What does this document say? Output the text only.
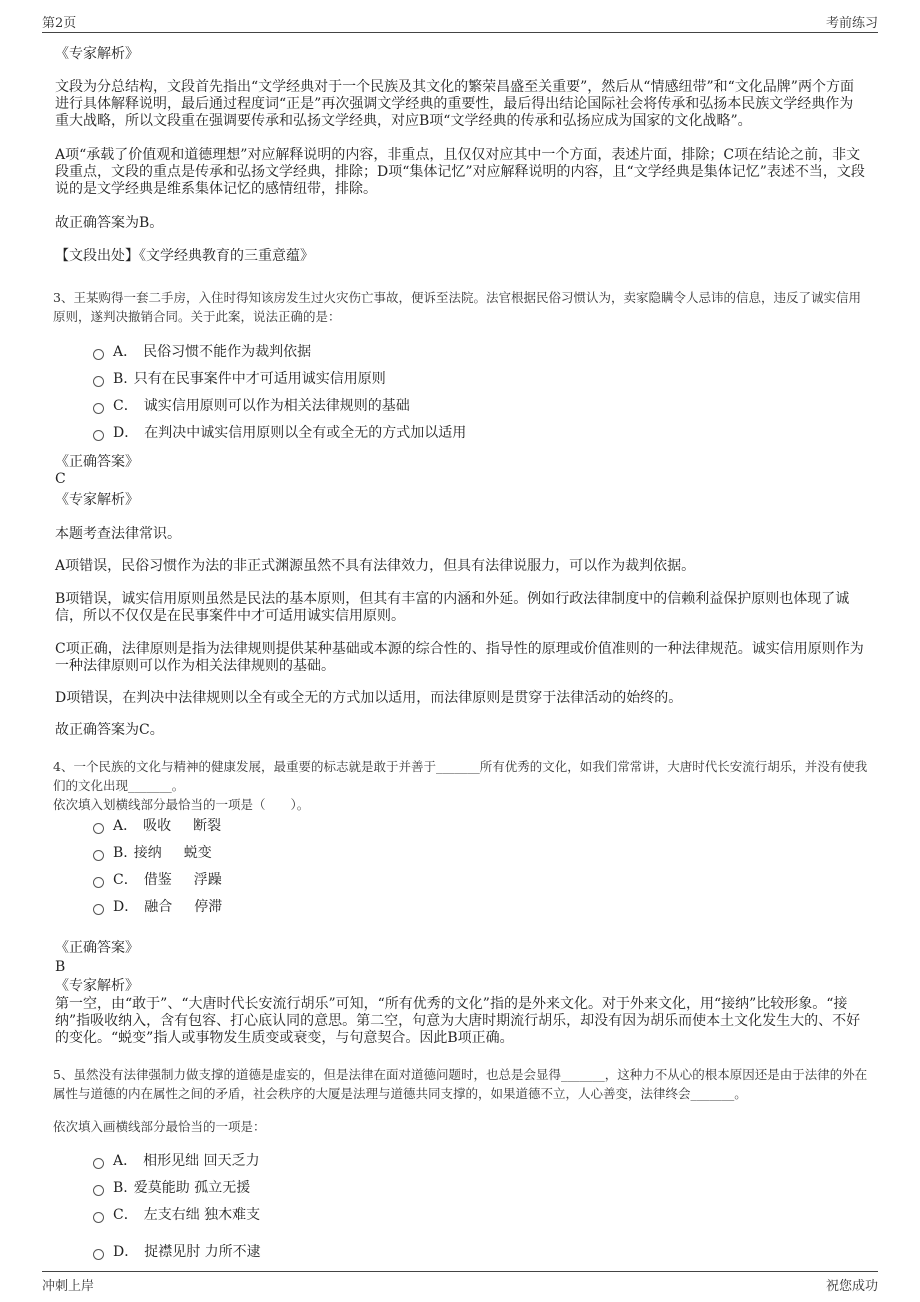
第2页	考前练习

《专家解析》

文段为分总结构，文段首先指出“文学经典对于一个民族及其文化的繁荣昌盛至关重要”，然后从“情感纽带”和“文化品牌”两个方面进行具体解释说明，最后通过程度词“正是”再次强调文学经典的重要性，最后得出结论国际社会将传承和弘扬本民族文学经典作为重大战略，所以文段重在强调要传承和弘扬文学经典，对应B项“文学经典的传承和弘扬应成为国家的文化战略”。

A项“承载了价值观和道德理想”对应解释说明的内容，非重点，且仅仅对应其中一个方面，表述片面，排除；C项在结论之前，非文段重点，文段的重点是传承和弘扬文学经典，排除；D项“集体记忆”对应解释说明的内容，且“文学经典是集体记忆”表述不当，文段说的是文学经典是维系集体记忆的感情纽带，排除。

故正确答案为B。

【文段出处】《文学经典教育的三重意蕴》

3、王某购得一套二手房，入住时得知该房发生过火灾伤亡事故，便诉至法院。法官根据民俗习惯认为，卖家隐瞒令人忌讳的信息，违反了诚实信用原则，遂判决撤销合同。关于此案，说法正确的是：

A． 民俗习惯不能作为裁判依据
B. 只有在民事案件中才可适用诚实信用原则
C． 诚实信用原则可以作为相关法律规则的基础
D． 在判决中诚实信用原则以全有或全无的方式加以适用

《正确答案》

C

《专家解析》

本题考查法律常识。

A项错误，民俗习惯作为法的非正式渊源虽然不具有法律效力，但具有法律说服力，可以作为裁判依据。

B项错误，诚实信用原则虽然是民法的基本原则，但其有丰富的内涵和外延。例如行政法律制度中的信赖利益保护原则也体现了诚信，所以不仅仅是在民事案件中才可适用诚实信用原则。

C项正确，法律原则是指为法律规则提供某种基础或本源的综合性的、指导性的原理或价值准则的一种法律规范。诚实信用原则作为一种法律原则可以作为相关法律规则的基础。

D项错误，在判决中法律规则以全有或全无的方式加以适用，而法律原则是贯穿于法律活动的始终的。

故正确答案为C。

4、一个民族的文化与精神的健康发展，最重要的标志就是敢于并善于_______所有优秀的文化，如我们常常讲，大唐时代长安流行胡乐，并没有使我们的文化出现_______。

依次填入划横线部分最恰当的一项是（　　）。

A． 吸收 断裂
B. 接纳 蜕变
C． 借鉴 浮躁
D． 融合 停滞

《正确答案》

B

《专家解析》

第一空，由“敢于”、“大唐时代长安流行胡乐”可知，“所有优秀的文化”指的是外来文化。对于外来文化，用“接纳”比较形象。“接纳”指吸收纳入，含有包容、打心底认同的意思。第二空，句意为大唐时期流行胡乐，却没有因为胡乐而使本土文化发生大的、不好的变化。“蜕变”指人或事物发生质变或衰变，与句意契合。因此B项正确。

5、虽然没有法律强制力做支撑的道德是虚妄的，但是法律在面对道德问题时，也总是会显得_______，这种力不从心的根本原因还是由于法律的外在属性与道德的内在属性之间的矛盾，社会秩序的大厦是法理与道德共同支撑的，如果道德不立，人心善变，法律终会_______。

依次填入画横线部分最恰当的一项是：

A． 相形见绌 回天乏力
B. 爱莫能助 孤立无援
C． 左支右绌 独木难支
D． 捉襟见肘 力所不逮
冲刺上岸	祝您成功
